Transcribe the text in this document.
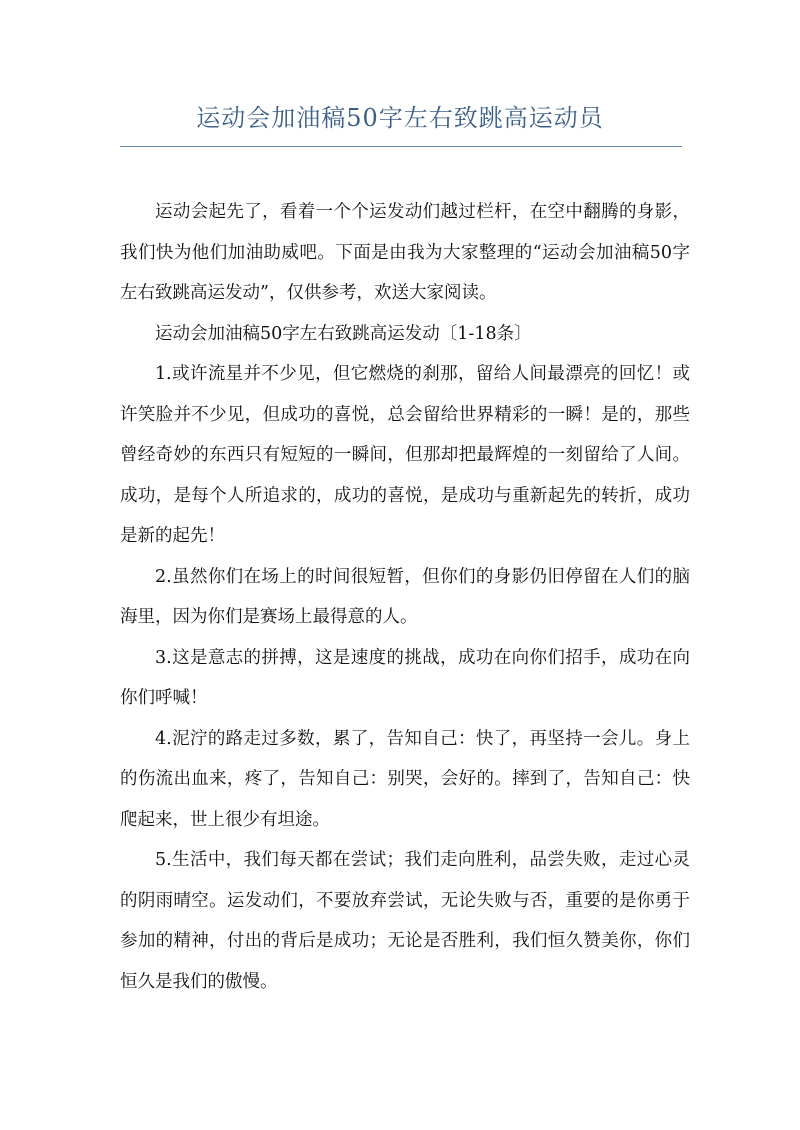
运动会加油稿50字左右致跳高运动员

运动会起先了，看着一个个运发动们越过栏杆，在空中翻腾的身影，我们快为他们加油助威吧。下面是由我为大家整理的“运动会加油稿50字左右致跳高运发动”，仅供参考，欢送大家阅读。

运动会加油稿50字左右致跳高运发动〔1-18条〕

1.或许流星并不少见，但它燃烧的刹那，留给人间最漂亮的回忆！或许笑脸并不少见，但成功的喜悦，总会留给世界精彩的一瞬！是的，那些曾经奇妙的东西只有短短的一瞬间，但那却把最辉煌的一刻留给了人间。成功，是每个人所追求的，成功的喜悦，是成功与重新起先的转折，成功是新的起先！

2.虽然你们在场上的时间很短暂，但你们的身影仍旧停留在人们的脑海里，因为你们是赛场上最得意的人。

3.这是意志的拼搏，这是速度的挑战，成功在向你们招手，成功在向你们呼喊！

4.泥泞的路走过多数，累了，告知自己：快了，再坚持一会儿。身上的伤流出血来，疼了，告知自己：别哭，会好的。摔到了，告知自己：快爬起来，世上很少有坦途。

5.生活中，我们每天都在尝试；我们走向胜利，品尝失败，走过心灵的阴雨晴空。运发动们，不要放弃尝试，无论失败与否，重要的是你勇于参加的精神，付出的背后是成功；无论是否胜利，我们恒久赞美你，你们恒久是我们的傲慢。
